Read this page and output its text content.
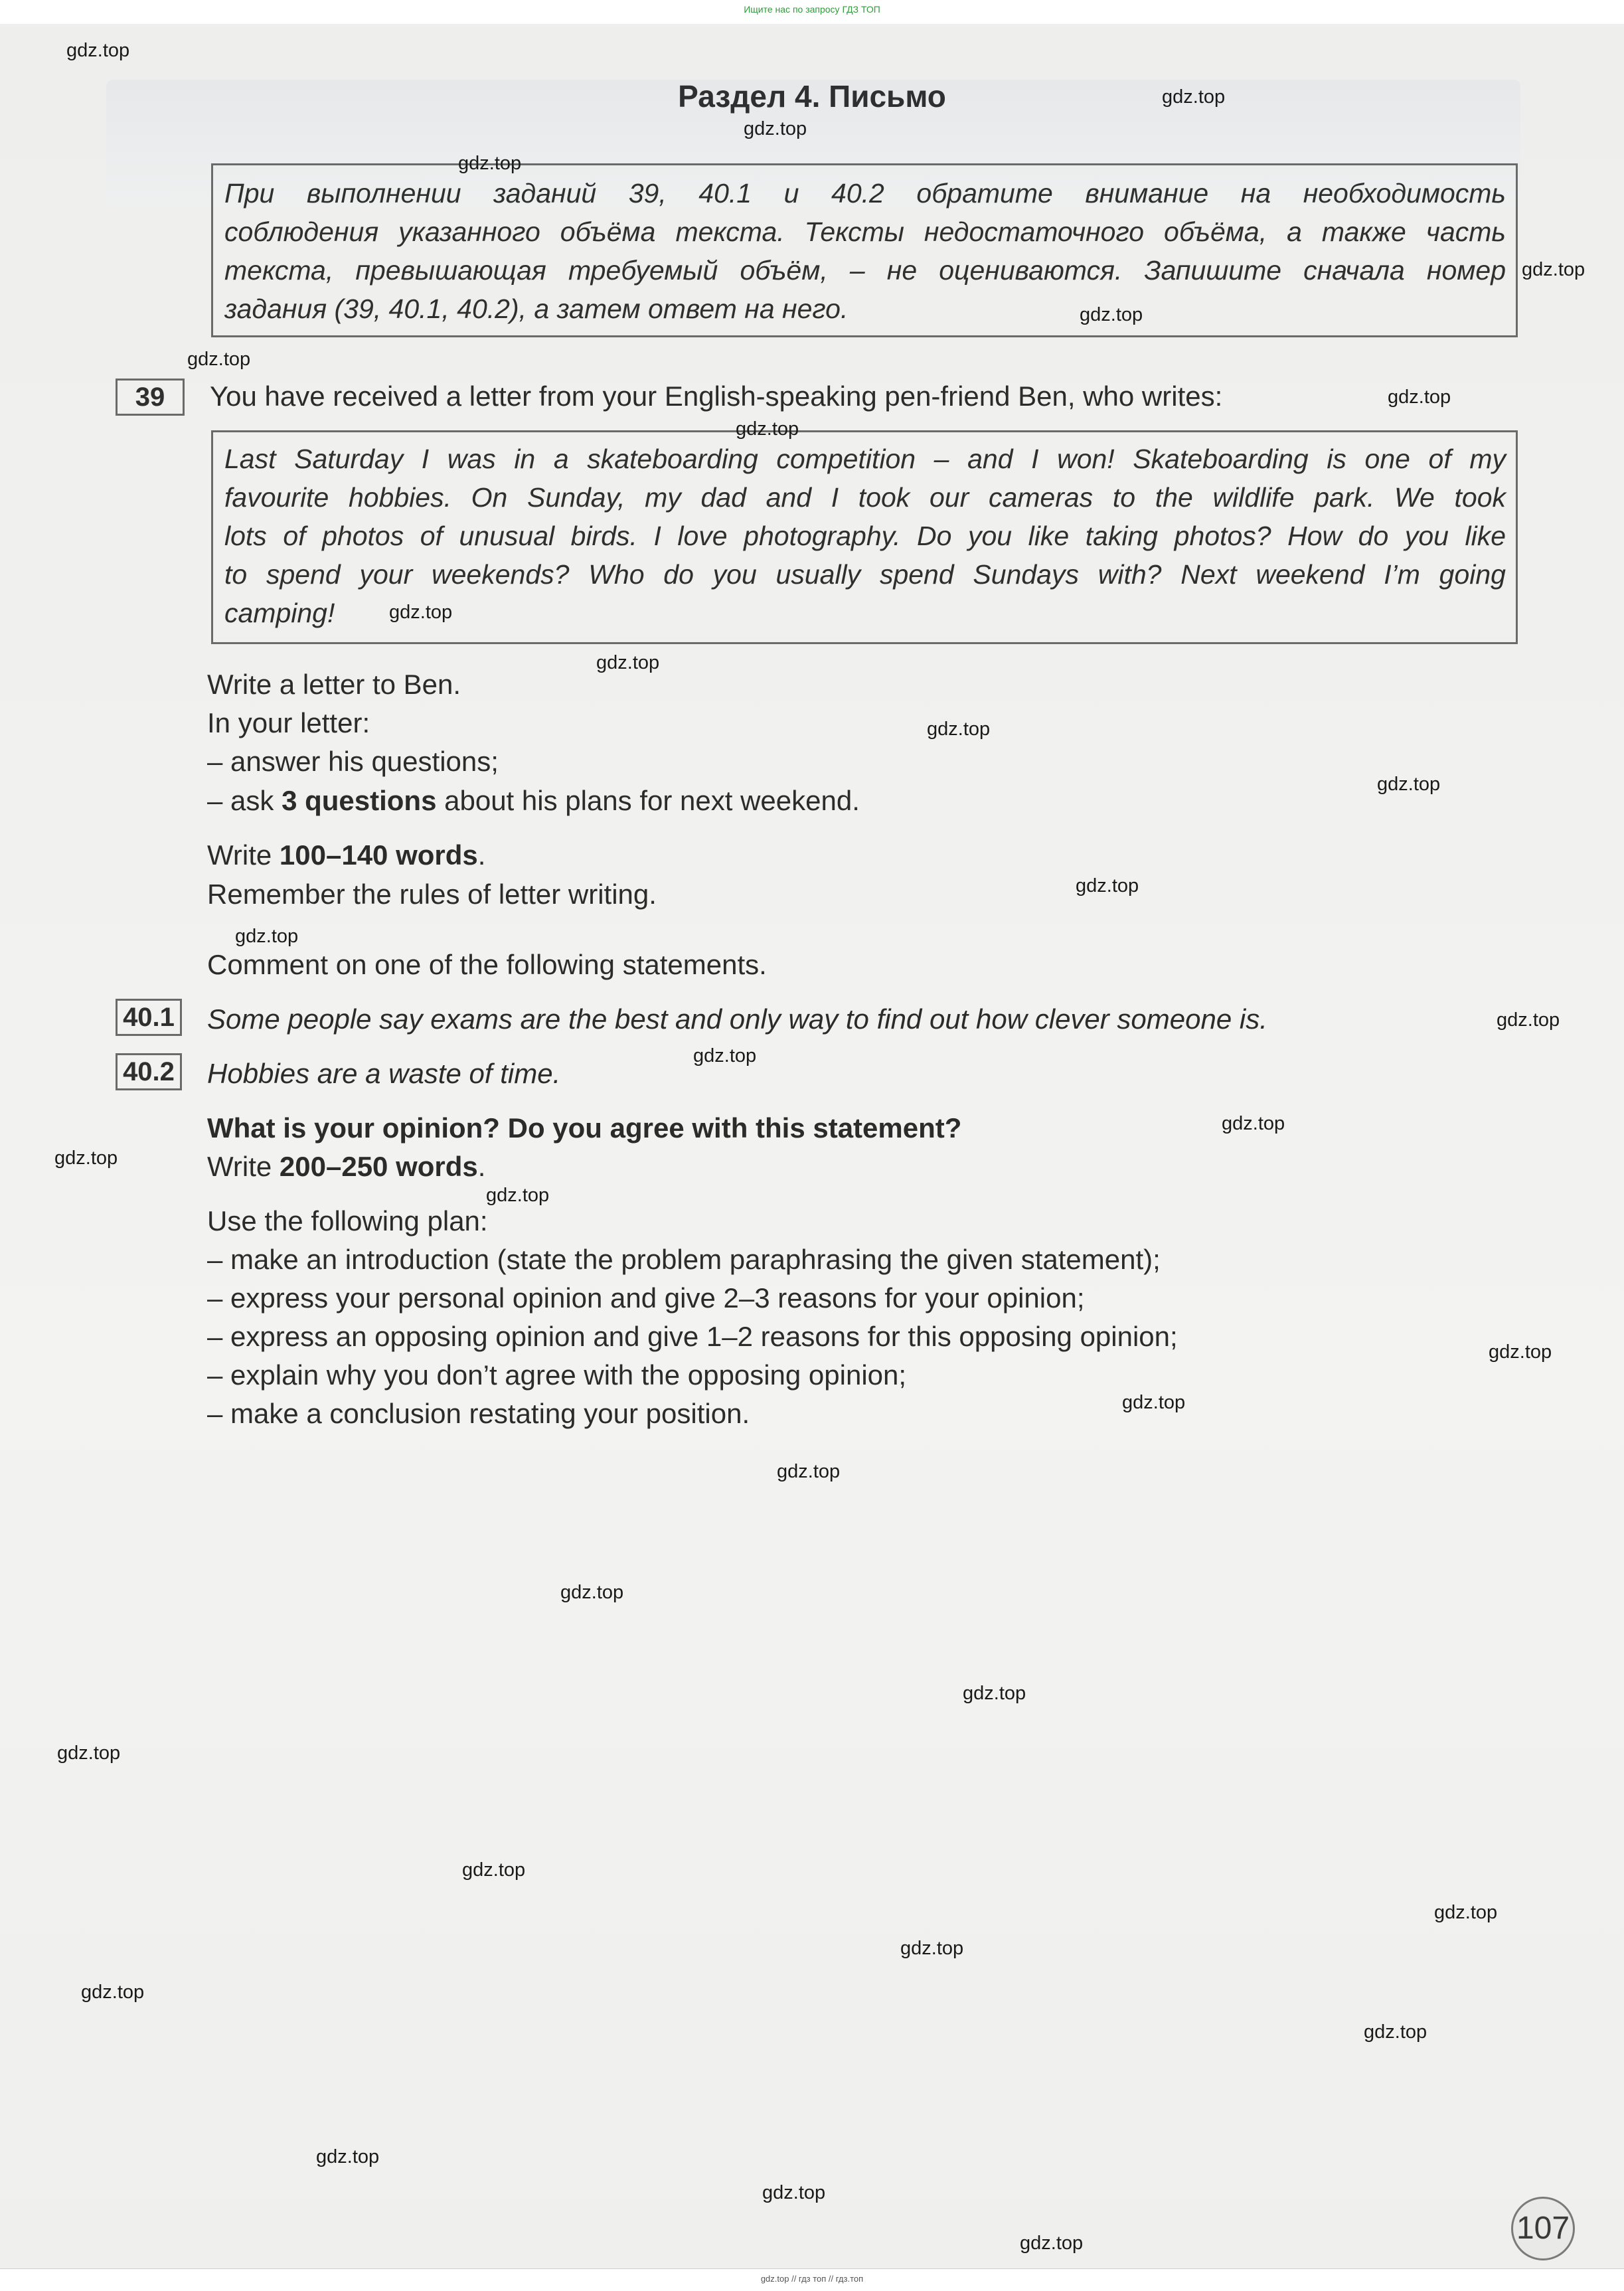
Ищите нас по запросу ГДЗ ТОП
Раздел 4. Письмо

При выполнении заданий 39, 40.1 и 40.2 обратите внимание на необходимость

соблюдения указанного объёма текста. Тексты недостаточного объёма, а также часть

текста, превышающая требуемый объём, – не оцениваются. Запишите сначала номер

задания (39, 40.1, 40.2), а затем ответ на него.

39	You have received a letter from your English-speaking pen-friend Ben, who writes:

Last Saturday I was in a skateboarding competition – and I won! Skateboarding is one of my

favourite hobbies. On Sunday, my dad and I took our cameras to the wildlife park. We took

lots of photos of unusual birds. I love photography. Do you like taking photos? How do you like

to spend your weekends? Who do you usually spend Sundays with? Next weekend I’m going

camping!

Write a letter to Ben.
In your letter:
– answer his questions;
– ask 3 questions about his plans for next weekend.
Write 100–140 words.
Remember the rules of letter writing.
Comment on one of the following statements.
40.1 Some people say exams are the best and only way to find out how clever someone is.
40.2 Hobbies are a waste of time.
What is your opinion? Do you agree with this statement?
Write 200–250 words.
Use the following plan:
– make an introduction (state the problem paraphrasing the given statement);
– express your personal opinion and give 2–3 reasons for your opinion;
– express an opposing opinion and give 1–2 reasons for this opposing opinion;
– explain why you don’t agree with the opposing opinion;
– make a conclusion restating your position.
107
gdz.top
gdz.top
gdz.top
gdz.top
gdz.top
gdz.top
gdz.top
gdz.top
gdz.top
gdz.top
gdz.top
gdz.top
gdz.top
gdz.top
gdz.top
gdz.top
gdz.top
gdz.top
gdz.top
gdz.top
gdz.top
gdz.top
gdz.top
gdz.top
gdz.top
gdz.top
gdz.top
gdz.top
gdz.top
gdz.top
gdz.top
gdz.top
gdz.top
gdz.top
gdz.top // гдз топ // гдз.топ
